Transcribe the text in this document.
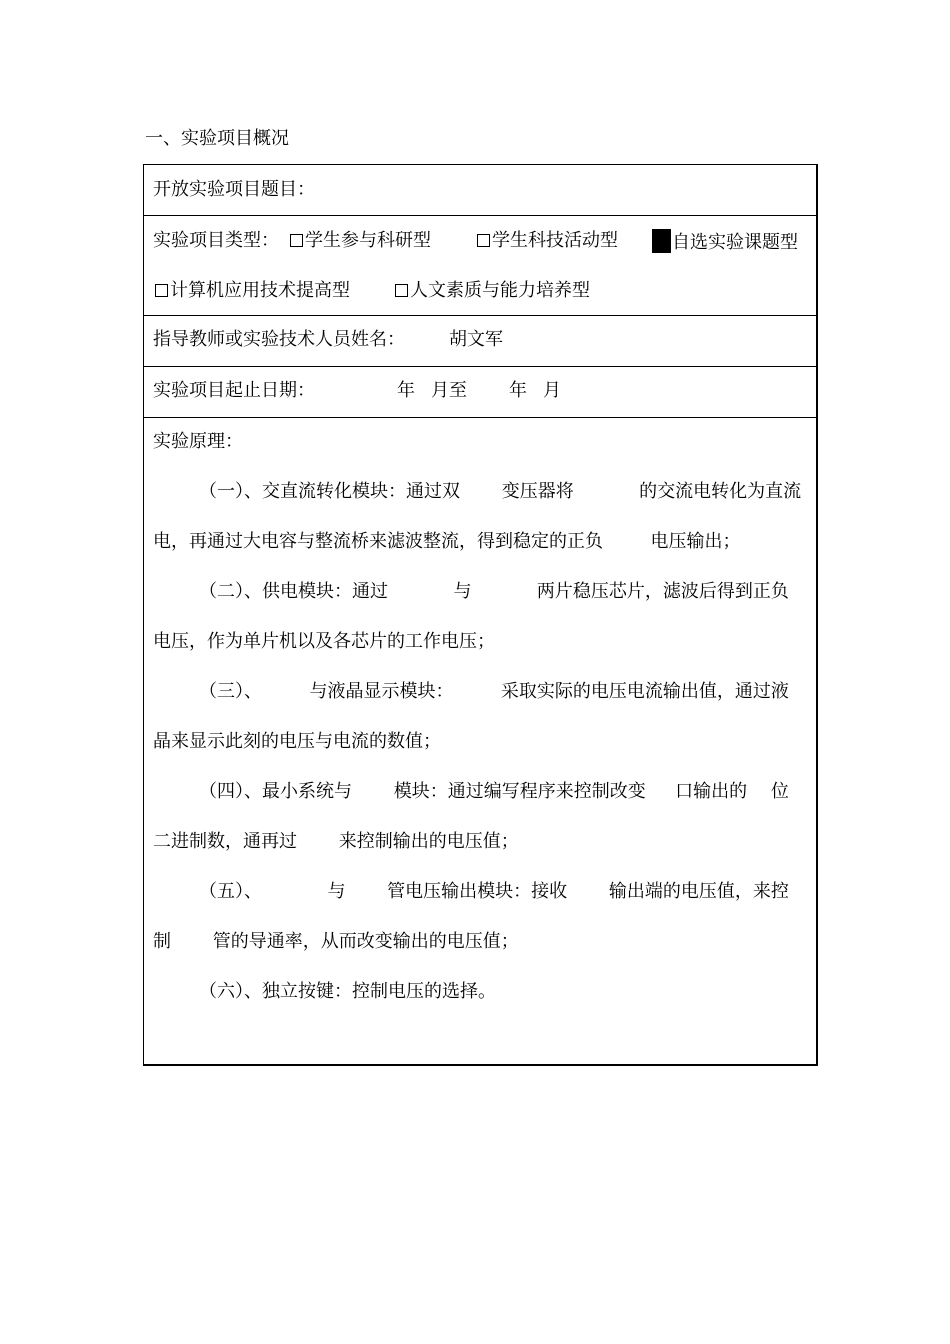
一、实验项目概况
开放实验项目题目：
实验项目类型：	学生参与科研型	学生科技活动型	自选实验课题型
计算机应用技术提高型	人文素质与能力培养型
指导教师或实验技术人员姓名： 胡文军
实验项目起止日期：	年 月至 年 月
实验原理：
（一）、交直流转化模块：通过双 　　变压器将 　　 　的交流电转化为直流
电，再通过大电容与整流桥来滤波整流，得到稳定的正负 　 　电压输出；
（二）、供电模块：通过 　　 　与 　　 　两片稳压芯片，滤波后得到正负
电压，作为单片机以及各芯片的工作电压；
（三）、 　　 与液晶显示模块： 　　 采取实际的电压电流输出值，通过液
晶来显示此刻的电压与电流的数值；
（四）、最小系统与 　　模块：通过编写程序来控制改变 　 口输出的 　位
二进制数，通再过 　　来控制输出的电压值；
（五）、 　　 　与 　　管电压输出模块：接收 　　输出端的电压值，来控
制 　　管的导通率，从而改变输出的电压值；
（六）、独立按键：控制电压的选择。
